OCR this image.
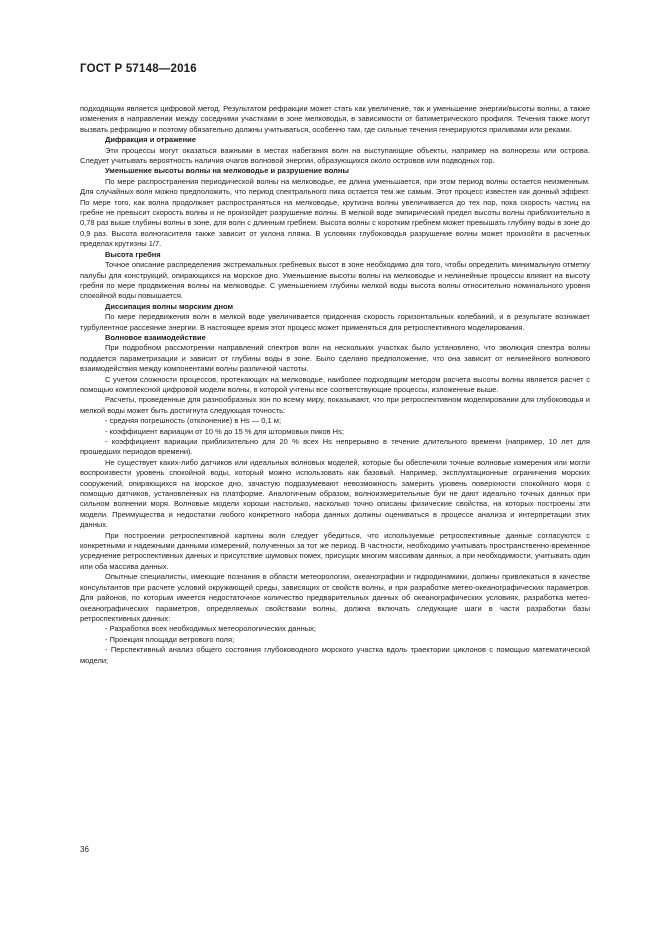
ГОСТ Р 57148—2016

подходящим является цифровой метод. Результатом рефракции может стать как увеличение, так и уменьшение энергии/высоты волны, а также изменения в направлении между соседними участками в зоне мелководья, в зависимости от батиметрического профиля. Течения также могут вызвать рефракцию и поэтому обязательно должны учитываться, особенно там, где сильные течения генерируются приливами или реками.

Дифракция и отражение

Эти процессы могут оказаться важными в местах набегания волн на выступающие объекты, например на волнорезы или острова. Следует учитывать вероятность наличия очагов волновой энергии, образующихся около островов или подводных гор.

Уменьшение высоты волны на мелководье и разрушение волны

По мере распространения периодической волны на мелководье, ее длина уменьшается, при этом период волны остается неизменным. Для случайных волн можно предположить, что период спектрального пика остается тем же самым. Этот процесс известен как донный эффект. По мере того, как волна продолжает распространяться на мелководье, крутизна волны увеличивается до тех пор, пока скорость частиц на гребне не превысит скорость волны и не произойдет разрушение волны. В мелкой воде эмпирический предел высоты волны приблизительно в 0,78 раз выше глубины волны в зоне, для волн с длинным гребнем. Высота волны с коротким гребнем может превышать глубину воды в зоне до 0,9 раз. Высота волногасителя также зависит от уклона пляжа. В условиях глубоководья разрушение волны может произойти в расчетных пределах крутизны 1/7.

Высота гребня

Точное описание распределения экстремальных гребневых высот в зоне необходимо для того, чтобы определить минимальную отметку палубы для конструкций, опирающихся на морское дно. Уменьшение высоты волны на мелководье и нелинейные процессы влияют на высоту гребня по мере продвижения волны на мелководье. С уменьшением глубины мелкой воды высота волны относительно номинального уровня спокойной воды повышается.

Диссипация волны морским дном

По мере передвижения волн в мелкой воде увеличивается придонная скорость горизонтальных колебаний, и в результате возникает турбулентное рассеяние энергии. В настоящее время этот процесс может применяться для ретроспективного моделирования.

Волновое взаимодействие

При подробном рассмотрении направлений спектров волн на нескольких участках было установлено, что эволюция спектра волны поддается параметризации и зависит от глубины воды в зоне. Было сделано предположение, что она зависит от нелинейного волнового взаимодействия между компонентами волны различной частоты.

С учетом сложности процессов, протекающих на мелководье, наиболее подходящим методом расчета высоты волны является расчет с помощью комплексной цифровой модели волны, в которой учтены все соответствующие процессы, изложенные выше.

Расчеты, проведенные для разнообразных зон по всему миру, показывают, что при ретроспективном моделировании для глубоководья и мелкой воды может быть достигнута следующая точность:

- средняя погрешность (отклонение) в Hs — 0,1 м;

- коэффициент вариации от 10 % до 15 % для штормовых пиков Hs;

- коэффициент вариации приблизительно для 20 % всех Hs непрерывно в течение длительного времени (например, 10 лет для прошедших периодов времени).

Не существует каких-либо датчиков или идеальных волновых моделей, которые бы обеспечили точные волновые измерения или могли воспроизвести уровень спокойной воды, который можно использовать как базовый. Например, эксплуатационные ограничения морских сооружений, опирающихся на морское дно, зачастую подразумевают невозможность замерить уровень поверхности спокойного моря с помощью датчиков, установленных на платформе. Аналогичным образом, волноизмерительные буи не дают идеально точных данных при сильном волнении моря. Волновые модели хороши настолько, насколько точно описаны физические свойства, на которых построены эти модели. Преимущества и недостатки любого конкретного набора данных должны оцениваться в процессе анализа и интерпретации этих данных.

При построении ретроспективной картины волн следует убедиться, что используемые ретроспективные данные согласуются с конкретными и надежными данными измерений, полученных за тот же период. В частности, необходимо учитывать пространственно-временное усреднение ретроспективных данных и присутствие шумовых помех, присущих многим массивам данных, а при необходимости, учитывать один или оба массива данных.

Опытные специалисты, имеющие познания в области метеорологии, океанографии и гидродинамики, должны привлекаться в качестве консультантов при расчете условий окружающей среды, зависящих от свойств волны, и при разработке метео-океанографических параметров. Для районов, по которым имеется недостаточное количество предварительных данных об океанографических условиях, разработка метео-океанографических параметров, определяемых свойствами волны, должна включать следующие шаги в части разработки базы ретроспективных данных:

- Разработка всех необходимых метеорологических данных;

- Проекция площади ветрового поля;

- Перспективный анализ общего состояния глубоководного морского участка вдоль траектории циклонов с помощью математической модели;

36
